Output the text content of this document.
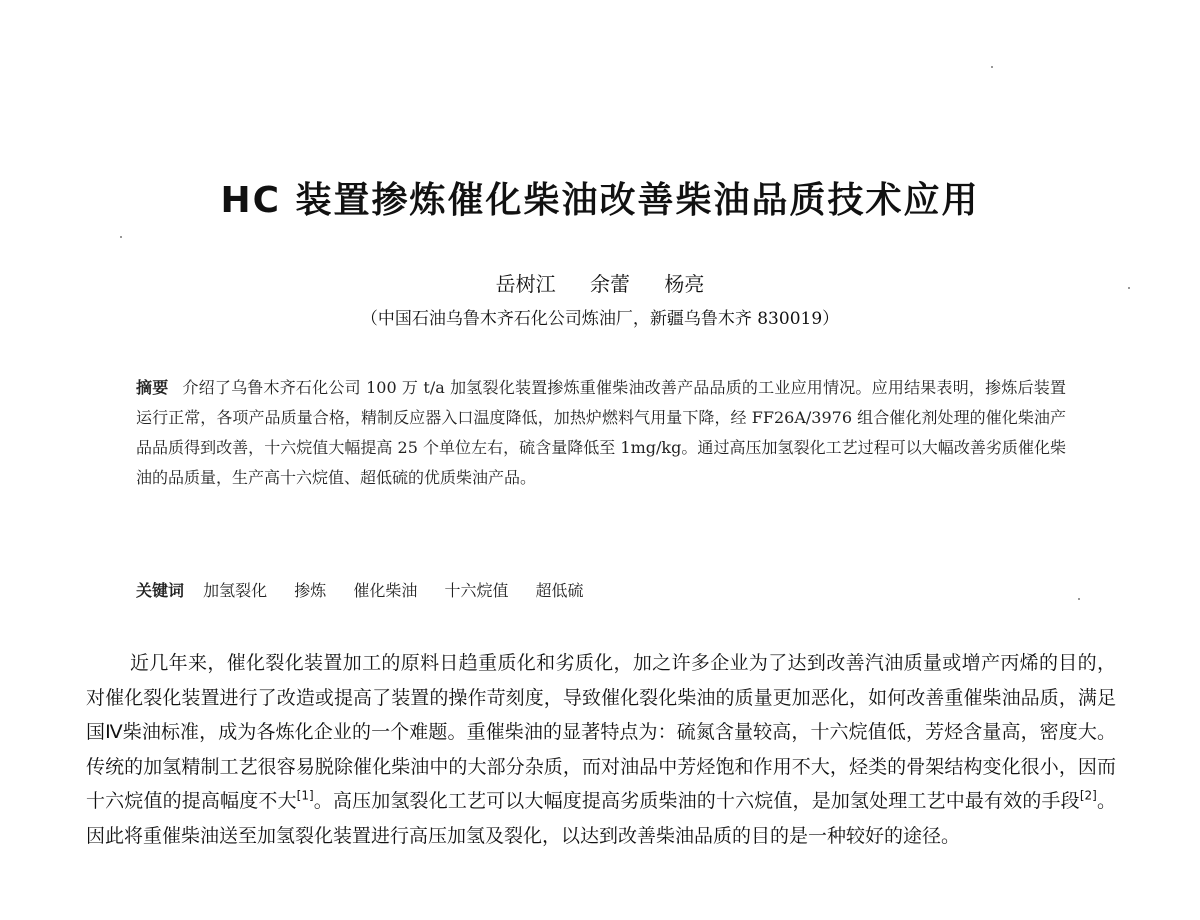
HC 装置掺炼催化柴油改善柴油品质技术应用
岳树江 余蕾 杨亮
（中国石油乌鲁木齐石化公司炼油厂，新疆乌鲁木齐 830019）
摘要 介绍了乌鲁木齐石化公司 100 万 t/a 加氢裂化装置掺炼重催柴油改善产品品质的工业应用情况。应用结果表明，掺炼后装置运行正常，各项产品质量合格，精制反应器入口温度降低，加热炉燃料气用量下降，经 FF26A/3976 组合催化剂处理的催化柴油产品品质得到改善，十六烷值大幅提高 25 个单位左右，硫含量降低至 1mg/kg。通过高压加氢裂化工艺过程可以大幅改善劣质催化柴油的品质量，生产高十六烷值、超低硫的优质柴油产品。
关键词 加氢裂化 掺炼 催化柴油 十六烷值 超低硫
近几年来，催化裂化装置加工的原料日趋重质化和劣质化，加之许多企业为了达到改善汽油质量或增产丙烯的目的，对催化裂化装置进行了改造或提高了装置的操作苛刻度，导致催化裂化柴油的质量更加恶化，如何改善重催柴油品质，满足国Ⅳ柴油标准，成为各炼化企业的一个难题。重催柴油的显著特点为：硫氮含量较高，十六烷值低，芳烃含量高，密度大。传统的加氢精制工艺很容易脱除催化柴油中的大部分杂质，而对油品中芳烃饱和作用不大，烃类的骨架结构变化很小，因而十六烷值的提高幅度不大[1]。高压加氢裂化工艺可以大幅度提高劣质柴油的十六烷值，是加氢处理工艺中最有效的手段[2]。因此将重催柴油送至加氢裂化装置进行高压加氢及裂化，以达到改善柴油品质的目的是一种较好的途径。
